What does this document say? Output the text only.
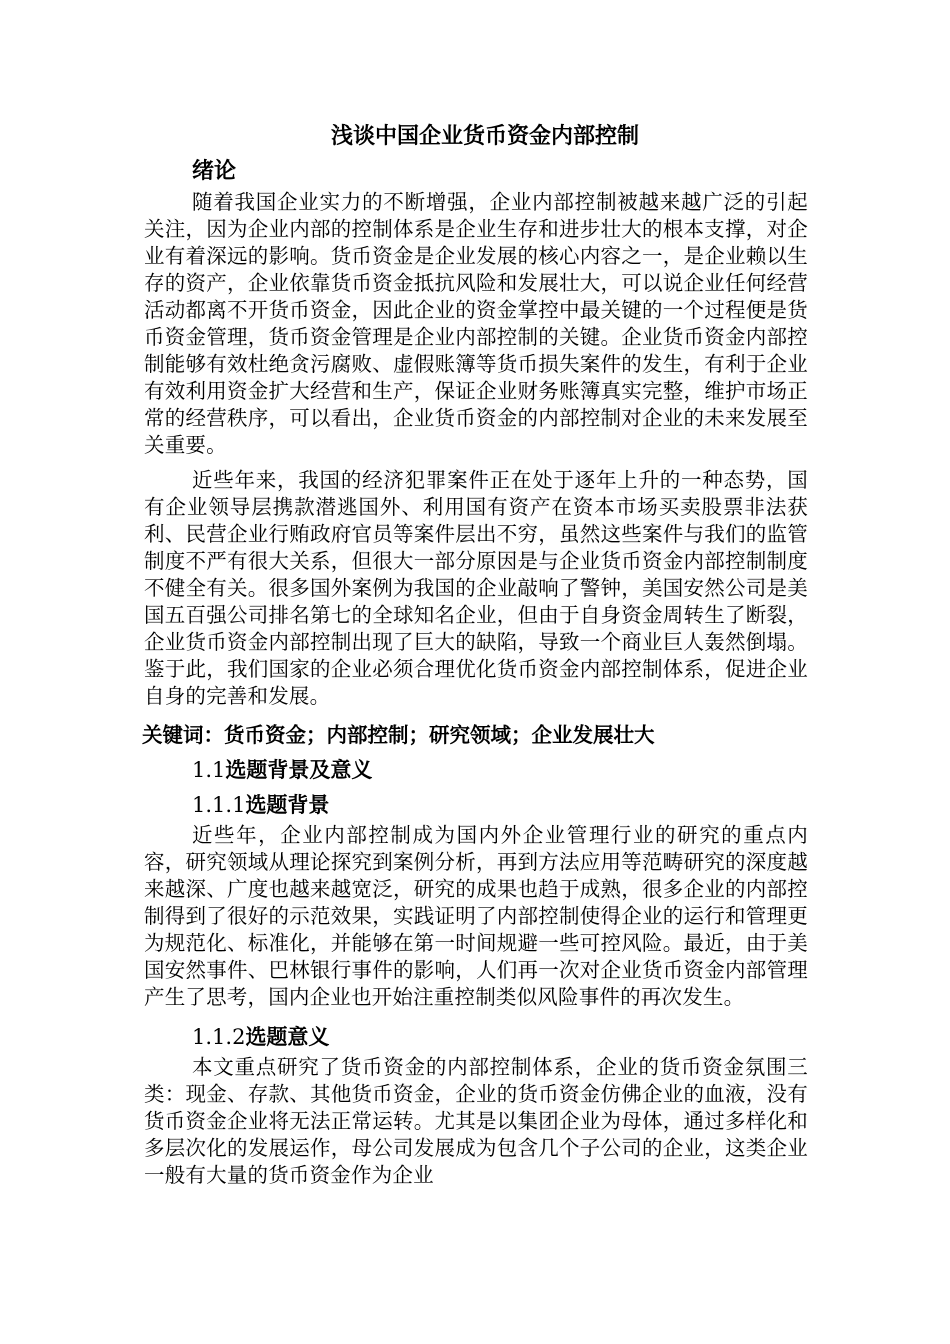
浅谈中国企业货币资金内部控制
绪论

随着我国企业实力的不断增强，企业内部控制被越来越广泛的引起关注，因为企业内部的控制体系是企业生存和进步壮大的根本支撑，对企业有着深远的影响。货币资金是企业发展的核心内容之一，是企业赖以生存的资产，企业依靠货币资金抵抗风险和发展壮大，可以说企业任何经营活动都离不开货币资金，因此企业的资金掌控中最关键的一个过程便是货币资金管理，货币资金管理是企业内部控制的关键。企业货币资金内部控制能够有效杜绝贪污腐败、虚假账簿等货币损失案件的发生，有利于企业有效利用资金扩大经营和生产，保证企业财务账簿真实完整，维护市场正常的经营秩序，可以看出，企业货币资金的内部控制对企业的未来发展至关重要。

近些年来，我国的经济犯罪案件正在处于逐年上升的一种态势，国有企业领导层携款潜逃国外、利用国有资产在资本市场买卖股票非法获利、民营企业行贿政府官员等案件层出不穷，虽然这些案件与我们的监管制度不严有很大关系，但很大一部分原因是与企业货币资金内部控制制度不健全有关。很多国外案例为我国的企业敲响了警钟，美国安然公司是美国五百强公司排名第七的全球知名企业，但由于自身资金周转生了断裂，企业货币资金内部控制出现了巨大的缺陷，导致一个商业巨人轰然倒塌。鉴于此，我们国家的企业必须合理优化货币资金内部控制体系，促进企业自身的完善和发展。

关键词：货币资金；内部控制；研究领域；企业发展壮大

1.1选题背景及意义
1.1.1选题背景

近些年，企业内部控制成为国内外企业管理行业的研究的重点内容，研究领域从理论探究到案例分析，再到方法应用等范畴研究的深度越来越深、广度也越来越宽泛，研究的成果也趋于成熟，很多企业的内部控制得到了很好的示范效果，实践证明了内部控制使得企业的运行和管理更为规范化、标准化，并能够在第一时间规避一些可控风险。最近，由于美国安然事件、巴林银行事件的影响，人们再一次对企业货币资金内部管理产生了思考，国内企业也开始注重控制类似风险事件的再次发生。

1.1.2选题意义

本文重点研究了货币资金的内部控制体系，企业的货币资金氛围三类：现金、存款、其他货币资金，企业的货币资金仿佛企业的血液，没有货币资金企业将无法正常运转。尤其是以集团企业为母体，通过多样化和多层次化的发展运作，母公司发展成为包含几个子公司的企业，这类企业一般有大量的货币资金作为企业
